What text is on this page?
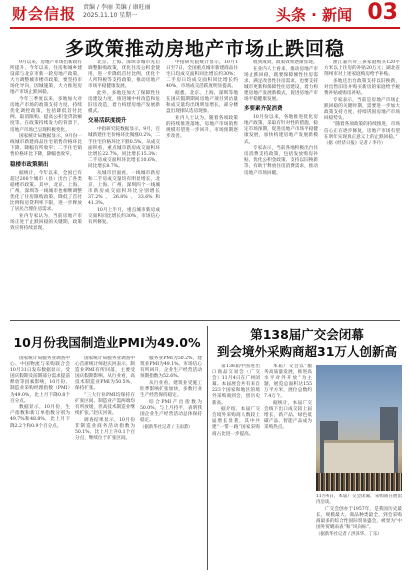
财会信报 责编 / 李丽 美编 / 康旺丽
2025.11.10 星期一	头条 · 新闻 03
多政策推动房地产市场止跌回稳

9月以来，房地产市场出新政有所提升，今年以来，住房和城乡建设部与北京市新一轮房地产政策，大力调整城市楼市政策，要坚持市场化导向，因城施策，大力推进房地产市场止跌回稳。

今年三季度以来，多地加大对房地产市场的政策支持力度，持续优化调控政策，包括降低首付比例、取消限购、提高公积金贷款额度等。在政策持续发力的背景下，房地产市场已呈现积极变化。

国家统计局数据显示，9月份一线城市新建商品住宅销售价格环比下降，降幅有所收窄；二手住宅销售价格环比下降，降幅也收窄。

稳楼市政策频出

据统计，今年以来，全国已有超过200个城市（县）出台了各类稳楼市政策。其中，北京、上海、广州、深圳等一线城市也相继调整优化了住房限购政策，降低了首付比例和房贷利率下限，进一步释放了居民合理住房需求。

业内专家认为，当前房地产市场正处于止跌回稳的关键期，政策效应将持续显现。

北京、上海、深圳等城市先后调整限购政策，优化住房公积金使用，进一步降低首付比例，优化个人所得税等支持政策，推动房地产市场平稳健康发展。

此外，多地还加大了保障性住房建设力度，推进城中村改造和危旧房改造，着力构建房地产发展新模式。

交易活跃度提升

中指研究院数据显示，9月，百城新建住宅价格环比微涨0.2%，二手住宅价格环比下跌0.5%。从成交面积看，重点城市新房成交面积环比增长22.7%，同比增长15.3%；二手房成交面积环比增长10.6%，同比增长8.7%。

从城市层面看，一线城市新房和二手房成交量均有明显增长，北京、上海、广州、深圳四个一线城市新房成交面积环比分别增长37.2%、26.8%、33.6%和41.3%。

10月上半月，重点城市新房成交面积同比增长约30%，市场信心有所修复。

中指研究院统计显示，10月1日至7日，全国重点城市新建商品住宅日均成交面积同比增长约30%；二手房日均成交面积同比增长约40%，市场成交活跃度明显提高。

据悉，北京、上海、深圳等地在国庆假期期间房地产项目到访量和成交量均出现明显增长，部分楼盘出现排队选房现象。

业内人士认为，随着各项政策的持续推进落地，房地产市场销售规模有望进一步回升，市场预期逐步改善。

收到成效，政策效果逐渐显现。

在业内人士看来，推动房地产市场止跌回稳，既要保障刚性住房需求，满足改善性住房需求，也要支持城市更新和保障性住房建设，着力构建房地产发展新模式，促进房地产市场平稳健康发展。

多要素齐促消费

10月份以来，各地推进优化房地产政策，采取有针对性的措施，稳定市场预期，促进房地产市场平稳健康发展，加快构建房地产发展新模式。

专家表示，当前各地积极出台住房消费支持政策，包括发放购房补贴、优化公积金政策、支持以旧换新等，有助于释放住房消费需求，推动房地产市场回暖。

浙江嘉兴对三孩家庭购买120平方米以上住房的补贴20万元；湖北省荆州市对上述家庭购房给予补贴。

多地还出台政策支持以旧换新，对出售旧房并购买新房的家庭给予税费补贴或购房补贴。

专家表示，当前是房地产市场止跌回稳的关键时期，需要进一步加大政策支持力度，持续巩固房地产市场回稳势头。

“随着各项政策的持续推进，市场信心正在逐步修复，房地产市场有望在明年实现真正意义上的止跌回稳。”

（据《经济日报》记者 / 李丹）

10月份我国制造业PMI为49.0%

国家统计局服务业调查中心、中国物流与采购联合会10月31日发布数据显示，受国庆假期及前期部分需求提前释放等因素影响，10月份，制造业采购经理指数（PMI）为49.0%，比上月下降0.8个百分点。

数据显示，10月份，生产指数和新订单指数分别为49.7%和48.8%，比上月下降2.2个和0.9个百分点。

国家统计局服务业调查中心首席统计师赵庆河表示，制造业PMI有所回落，主要受国庆假期影响。从行业看，高技术制造业PMI为50.5%，保持扩张。

“三大行业PMI均保持在扩张区间。制造业产需两端均有所放缓，但高技术制造业继续扩张。”赵庆河说。

调查结果显示，10月份非制造业商务活动指数为50.1%，比上月上升0.1个百分点，继续位于扩张区间。

服务业PMI为50.2%，建筑业PMI为49.1%。市场信心有所回升，企业生产经营活动预期指数为52.6%。

从行业看，建筑业受施工旺季影响扩张加快，多数行业生产经营保持稳定。

综合PMI产出指数为50.0%，与上月持平，表明我国企业生产经营活动总体保持稳定。

（据新华社记者 / 王雨萧）

第138届广交会闭幕
到会境外采购商超31万人创新高

第138届中国进出口商品交易会（广交会）11月4日在广州闭幕。本届展会共有来自223个国家和地区的境外采购商到会，创历史新高。

据介绍，本届广交会境外采购商人数较上届增长显著，其中共建“一带一路”国家采购商占比进一步提高。

本届广交会以“服务高质量发展，推进高水平对外开放”为主题，展览总面积达155万平方米，展位总数约7.4万个。

据统计，本届广交会线下出口成交较上届增长，新产品、绿色低碳产品、智能产品成为采购热点。

11月4日，本届广交会闭幕，采购商在展馆内洽谈。

广交会创办于1957年，是我国历史最长、规模最大、商品种类最全、到会采购商最多的综合性国际贸易盛会，被誉为“中国外贸晴雨表”和“风向标”。

（据新华社记者 / 洪泽华、丁乐）
